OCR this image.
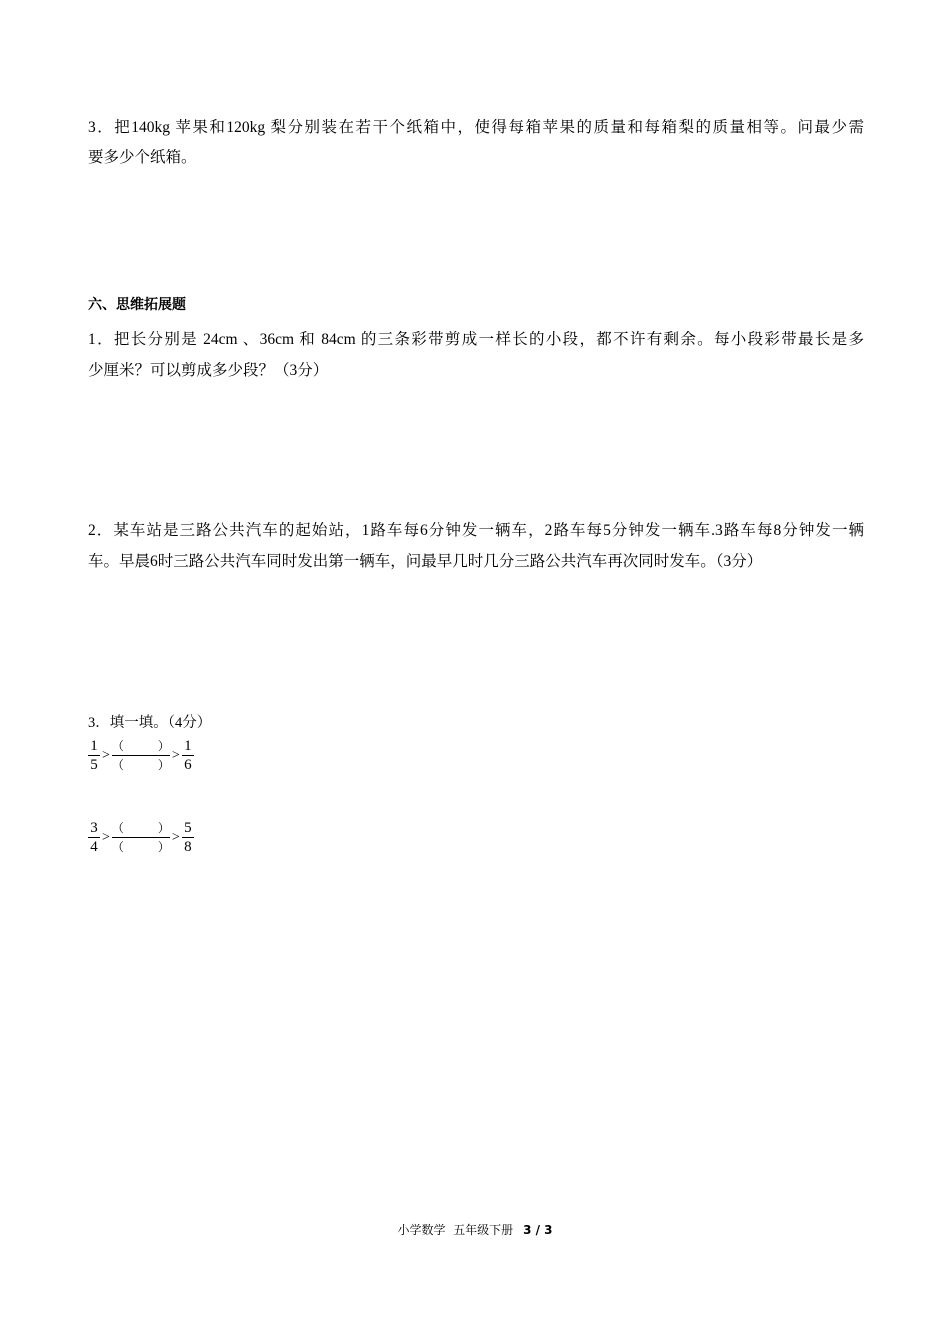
3．把140kg 苹果和120kg 梨分别装在若干个纸箱中，使得每箱苹果的质量和每箱梨的质量相等。问最少需
要多少个纸箱。
六、思维拓展题
1．把长分别是 24cm 、36cm 和 84cm 的三条彩带剪成一样长的小段，都不许有剩余。每小段彩带最长是多
少厘米？可以剪成多少段？（3分）
2．某车站是三路公共汽车的起始站，1路车每6分钟发一辆车，2路车每5分钟发一辆车.3路车每8分钟发一辆
车。早晨6时三路公共汽车同时发出第一辆车，问最早几时几分三路公共汽车再次同时发车。（3分）
3．填一填。（4分）
$\frac{1}{5}$ > （	）
（	） > $\frac{1}{6}$
$\frac{3}{4}$ > （	）
（	） > $\frac{5}{8}$
小学数学  五年级下册 3 / 3
